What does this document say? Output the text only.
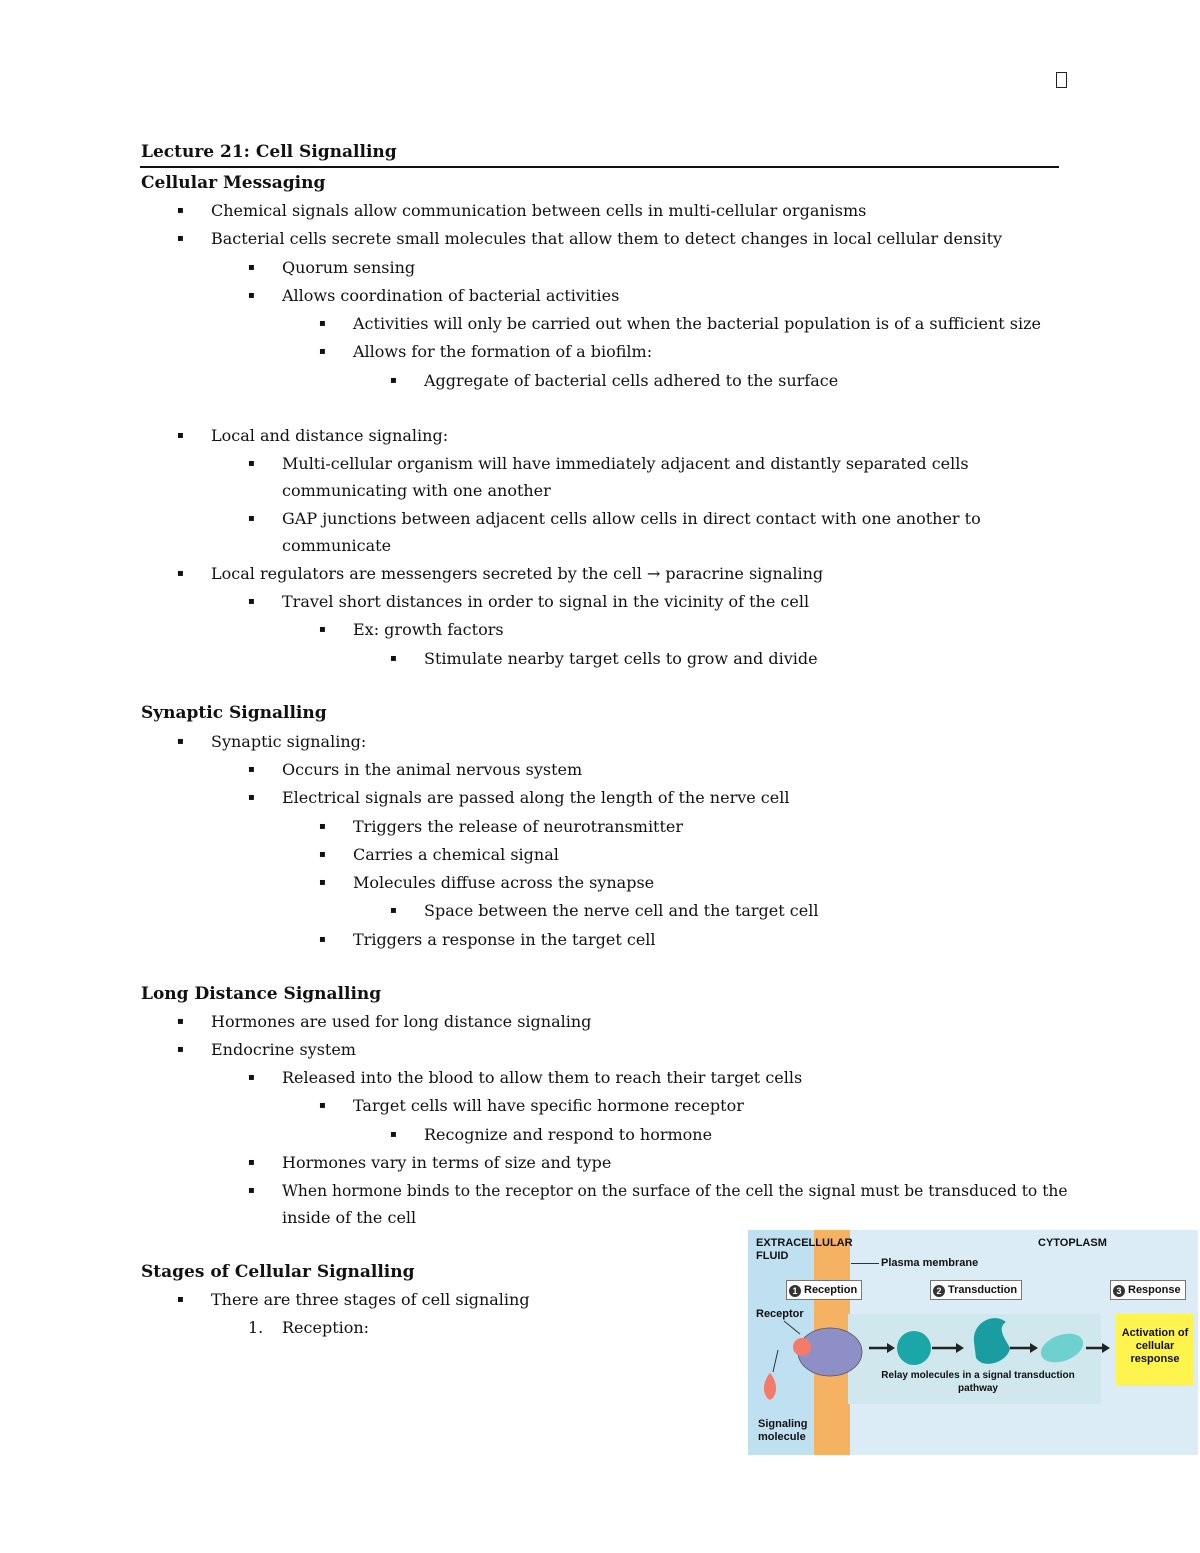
Lecture 21: Cell Signalling
Cellular Messaging
▪ Chemical signals allow communication between cells in multi-cellular organisms
▪ Bacterial cells secrete small molecules that allow them to detect changes in local cellular density
▪ Quorum sensing
▪ Allows coordination of bacterial activities
▪ Activities will only be carried out when the bacterial population is of a sufficient size
▪ Allows for the formation of a biofilm:
▪ Aggregate of bacterial cells adhered to the surface
▪ Local and distance signaling:
▪ Multi-cellular organism will have immediately adjacent and distantly separated cells
communicating with one another
▪ GAP junctions between adjacent cells allow cells in direct contact with one another to
communicate
▪ Local regulators are messengers secreted by the cell → paracrine signaling
▪ Travel short distances in order to signal in the vicinity of the cell
▪ Ex: growth factors
▪ Stimulate nearby target cells to grow and divide
Synaptic Signalling
▪ Synaptic signaling:
▪ Occurs in the animal nervous system
▪ Electrical signals are passed along the length of the nerve cell
▪ Triggers the release of neurotransmitter
▪ Carries a chemical signal
▪ Molecules diffuse across the synapse
▪ Space between the nerve cell and the target cell
▪ Triggers a response in the target cell
Long Distance Signalling
▪ Hormones are used for long distance signaling
▪ Endocrine system
▪ Released into the blood to allow them to reach their target cells
▪ Target cells will have specific hormone receptor
▪ Recognize and respond to hormone
▪ Hormones vary in terms of size and type
▪ When hormone binds to the receptor on the surface of the cell the signal must be transduced to the
inside of the cell
Stages of Cellular Signalling
▪ There are three stages of cell signaling
1. Reception:
EXTRACELLULAR FLUID
CYTOPLASM
Plasma membrane
1 Reception	2 Transduction	3 Response
Receptor
Relay molecules in a signal transduction pathway
Activation of cellular response
Signaling molecule
